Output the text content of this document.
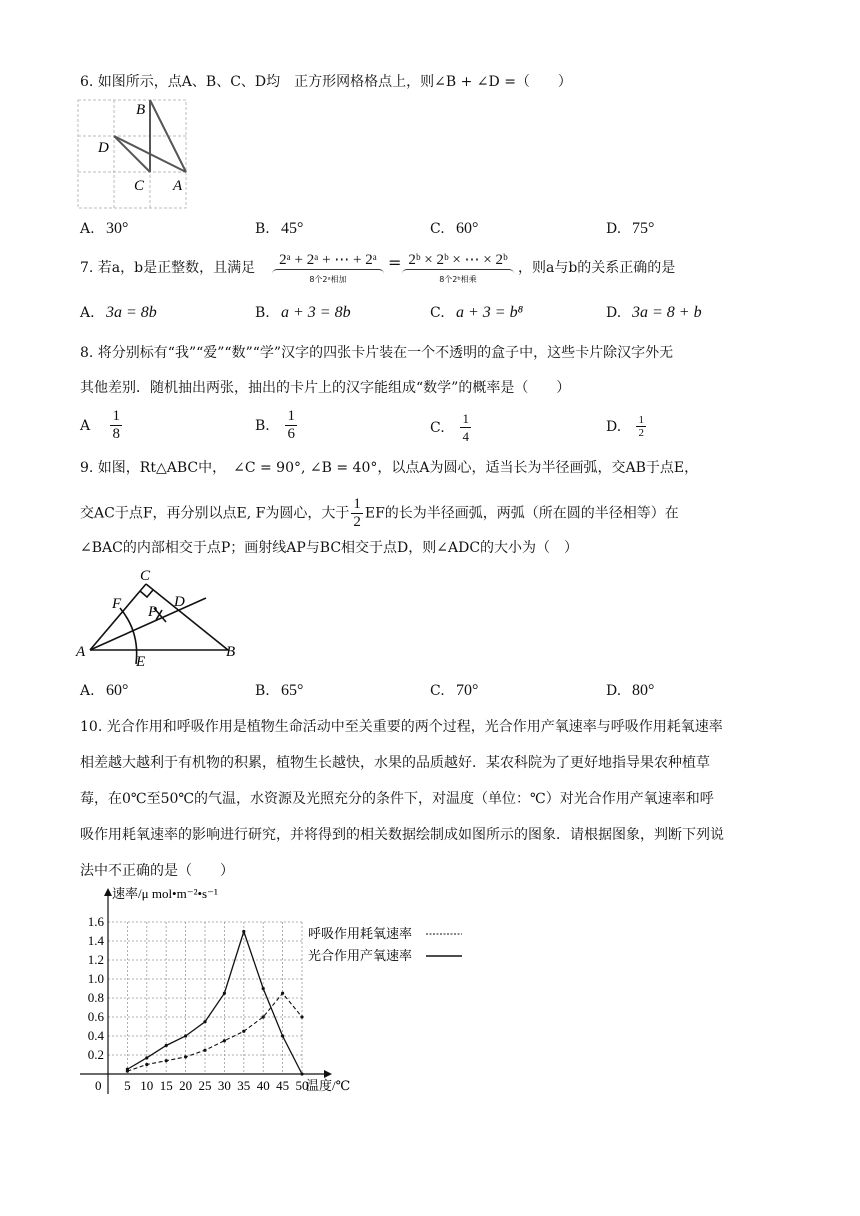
6. 如图所示，点A、B、C、D均　正方形网格格点上，则∠B + ∠D =（　　）
B
D
C A
A. 30°	B. 45°	C. 60°	D. 75°
7. 若a，b是正整数，且满足	2ᵃ + 2ᵃ + ⋯ + 2ᵃ
8个2ᵃ相加
= 2ᵇ × 2ᵇ × ⋯ × 2ᵇ
8个2ᵇ相乘
，则a与b的关系正确的是
A. 3a = 8b	B. a + 3 = 8b	C. a + 3 = b⁸	D. 3a = 8 + b
8. 将分别标有“我”“爱”“数”“学”汉字的四张卡片装在一个不透明的盒子中，这些卡片除汉字外无
其他差别．随机抽出两张，抽出的卡片上的汉字能组成“数学”的概率是（　　）
A $\frac{1}{8}$	B. $\frac{1}{6}$	C. $\frac{1}{4}$	D. $\frac{1}{2}$
9. 如图，Rt△ABC中，　∠C = 90°, ∠B = 40°，以点A为圆心，适当长为半径画弧，交AB于点E，
交AC于点F，再分别以点E, F为圆心，大于 $\frac{1}{2}$ EF的长为半径画弧，两弧（所在圆的半径相等）在
∠BAC的内部相交于点P；画射线AP与BC相交于点D，则∠ADC的大小为（　）
C
F P
D
A
E
B
A. 60°	B. 65°	C. 70°	D. 80°
10. 光合作用和呼吸作用是植物生命活动中至关重要的两个过程，光合作用产氧速率与呼吸作用耗氧速率
相差越大越利于有机物的积累，植物生长越快，水果的品质越好．某农科院为了更好地指导果农种植草
莓，在0℃至50℃的气温，水资源及光照充分的条件下，对温度（单位：℃）对光合作用产氧速率和呼
吸作用耗氧速率的影响进行研究，并将得到的相关数据绘制成如图所示的图象．请根据图象，判断下列说
法中不正确的是（　　）
5 10 15 20 25 30 35 40 45 50
0.2
0.4
0.6
0.8
1.0
1.2
1.4
1.6
速率/μ mol•m⁻²•s⁻¹
温度/℃
0
呼吸作用耗氧速率
光合作用产氧速率
